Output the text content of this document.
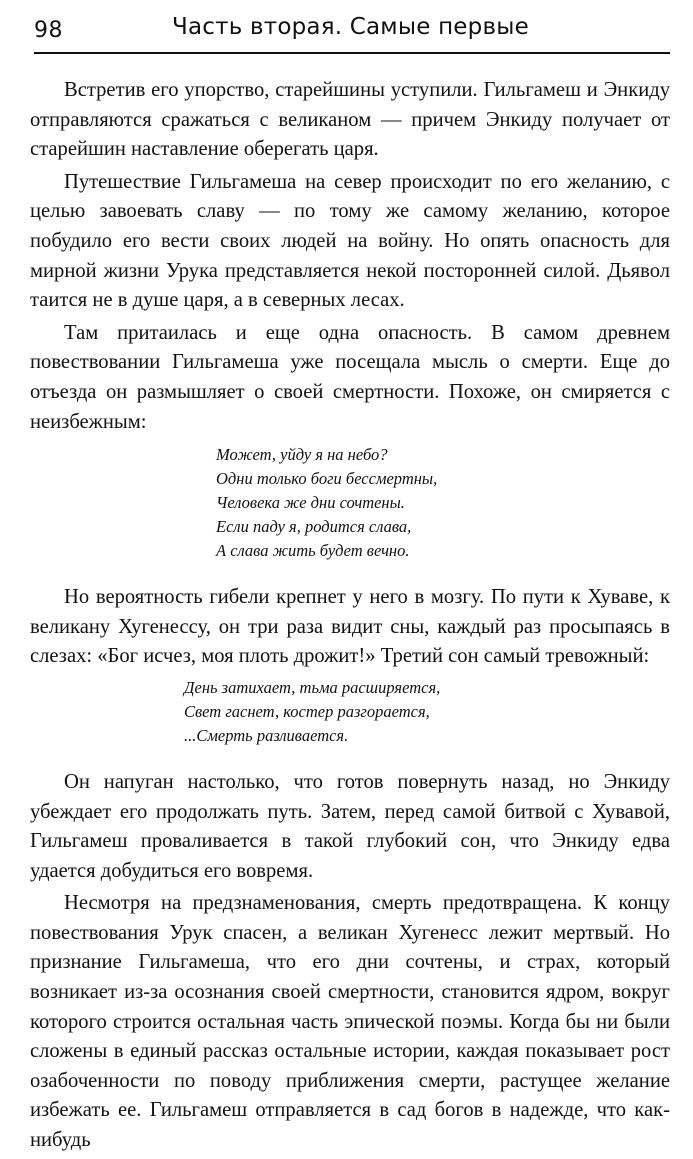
98	Часть вторая. Самые первые

Встретив его упорство, старейшины уступили. Гильгамеш и Энкиду отправляются сражаться с великаном — причем Энкиду получает от старейшин наставление оберегать царя.

Путешествие Гильгамеша на север происходит по его желанию, с целью завоевать славу — по тому же самому желанию, которое побудило его вести своих людей на войну. Но опять опасность для мирной жизни Урука представляется некой посторонней силой. Дьявол таится не в душе царя, а в северных лесах.

Там притаилась и еще одна опасность. В самом древнем повествовании Гильгамеша уже посещала мысль о смерти. Еще до отъезда он размышляет о своей смертности. Похоже, он смиряется с неизбежным:

Может, уйду я на небо?
Одни только боги бессмертны,
Человека же дни сочтены.
Если паду я, родится слава,
А слава жить будет вечно.

Но вероятность гибели крепнет у него в мозгу. По пути к Хуваве, к великану Хугенессу, он три раза видит сны, каждый раз просыпаясь в слезах: «Бог исчез, моя плоть дрожит!» Третий сон самый тревожный:

День затихает, тьма расширяется,
Свет гаснет, костер разгорается,
...Смерть разливается.

Он напуган настолько, что готов повернуть назад, но Энкиду убеждает его продолжать путь. Затем, перед самой битвой с Хувавой, Гильгамеш проваливается в такой глубокий сон, что Энкиду едва удается добудиться его вовремя.

Несмотря на предзнаменования, смерть предотвращена. К концу повествования Урук спасен, а великан Хугенесс лежит мертвый. Но признание Гильгамеша, что его дни сочтены, и страх, который возникает из-за осознания своей смертности, становится ядром, вокруг которого строится остальная часть эпической поэмы. Когда бы ни были сложены в единый рассказ остальные истории, каждая показывает рост озабоченности по поводу приближения смерти, растущее желание избежать ее. Гильгамеш отправляется в сад богов в надежде, что как-нибудь
